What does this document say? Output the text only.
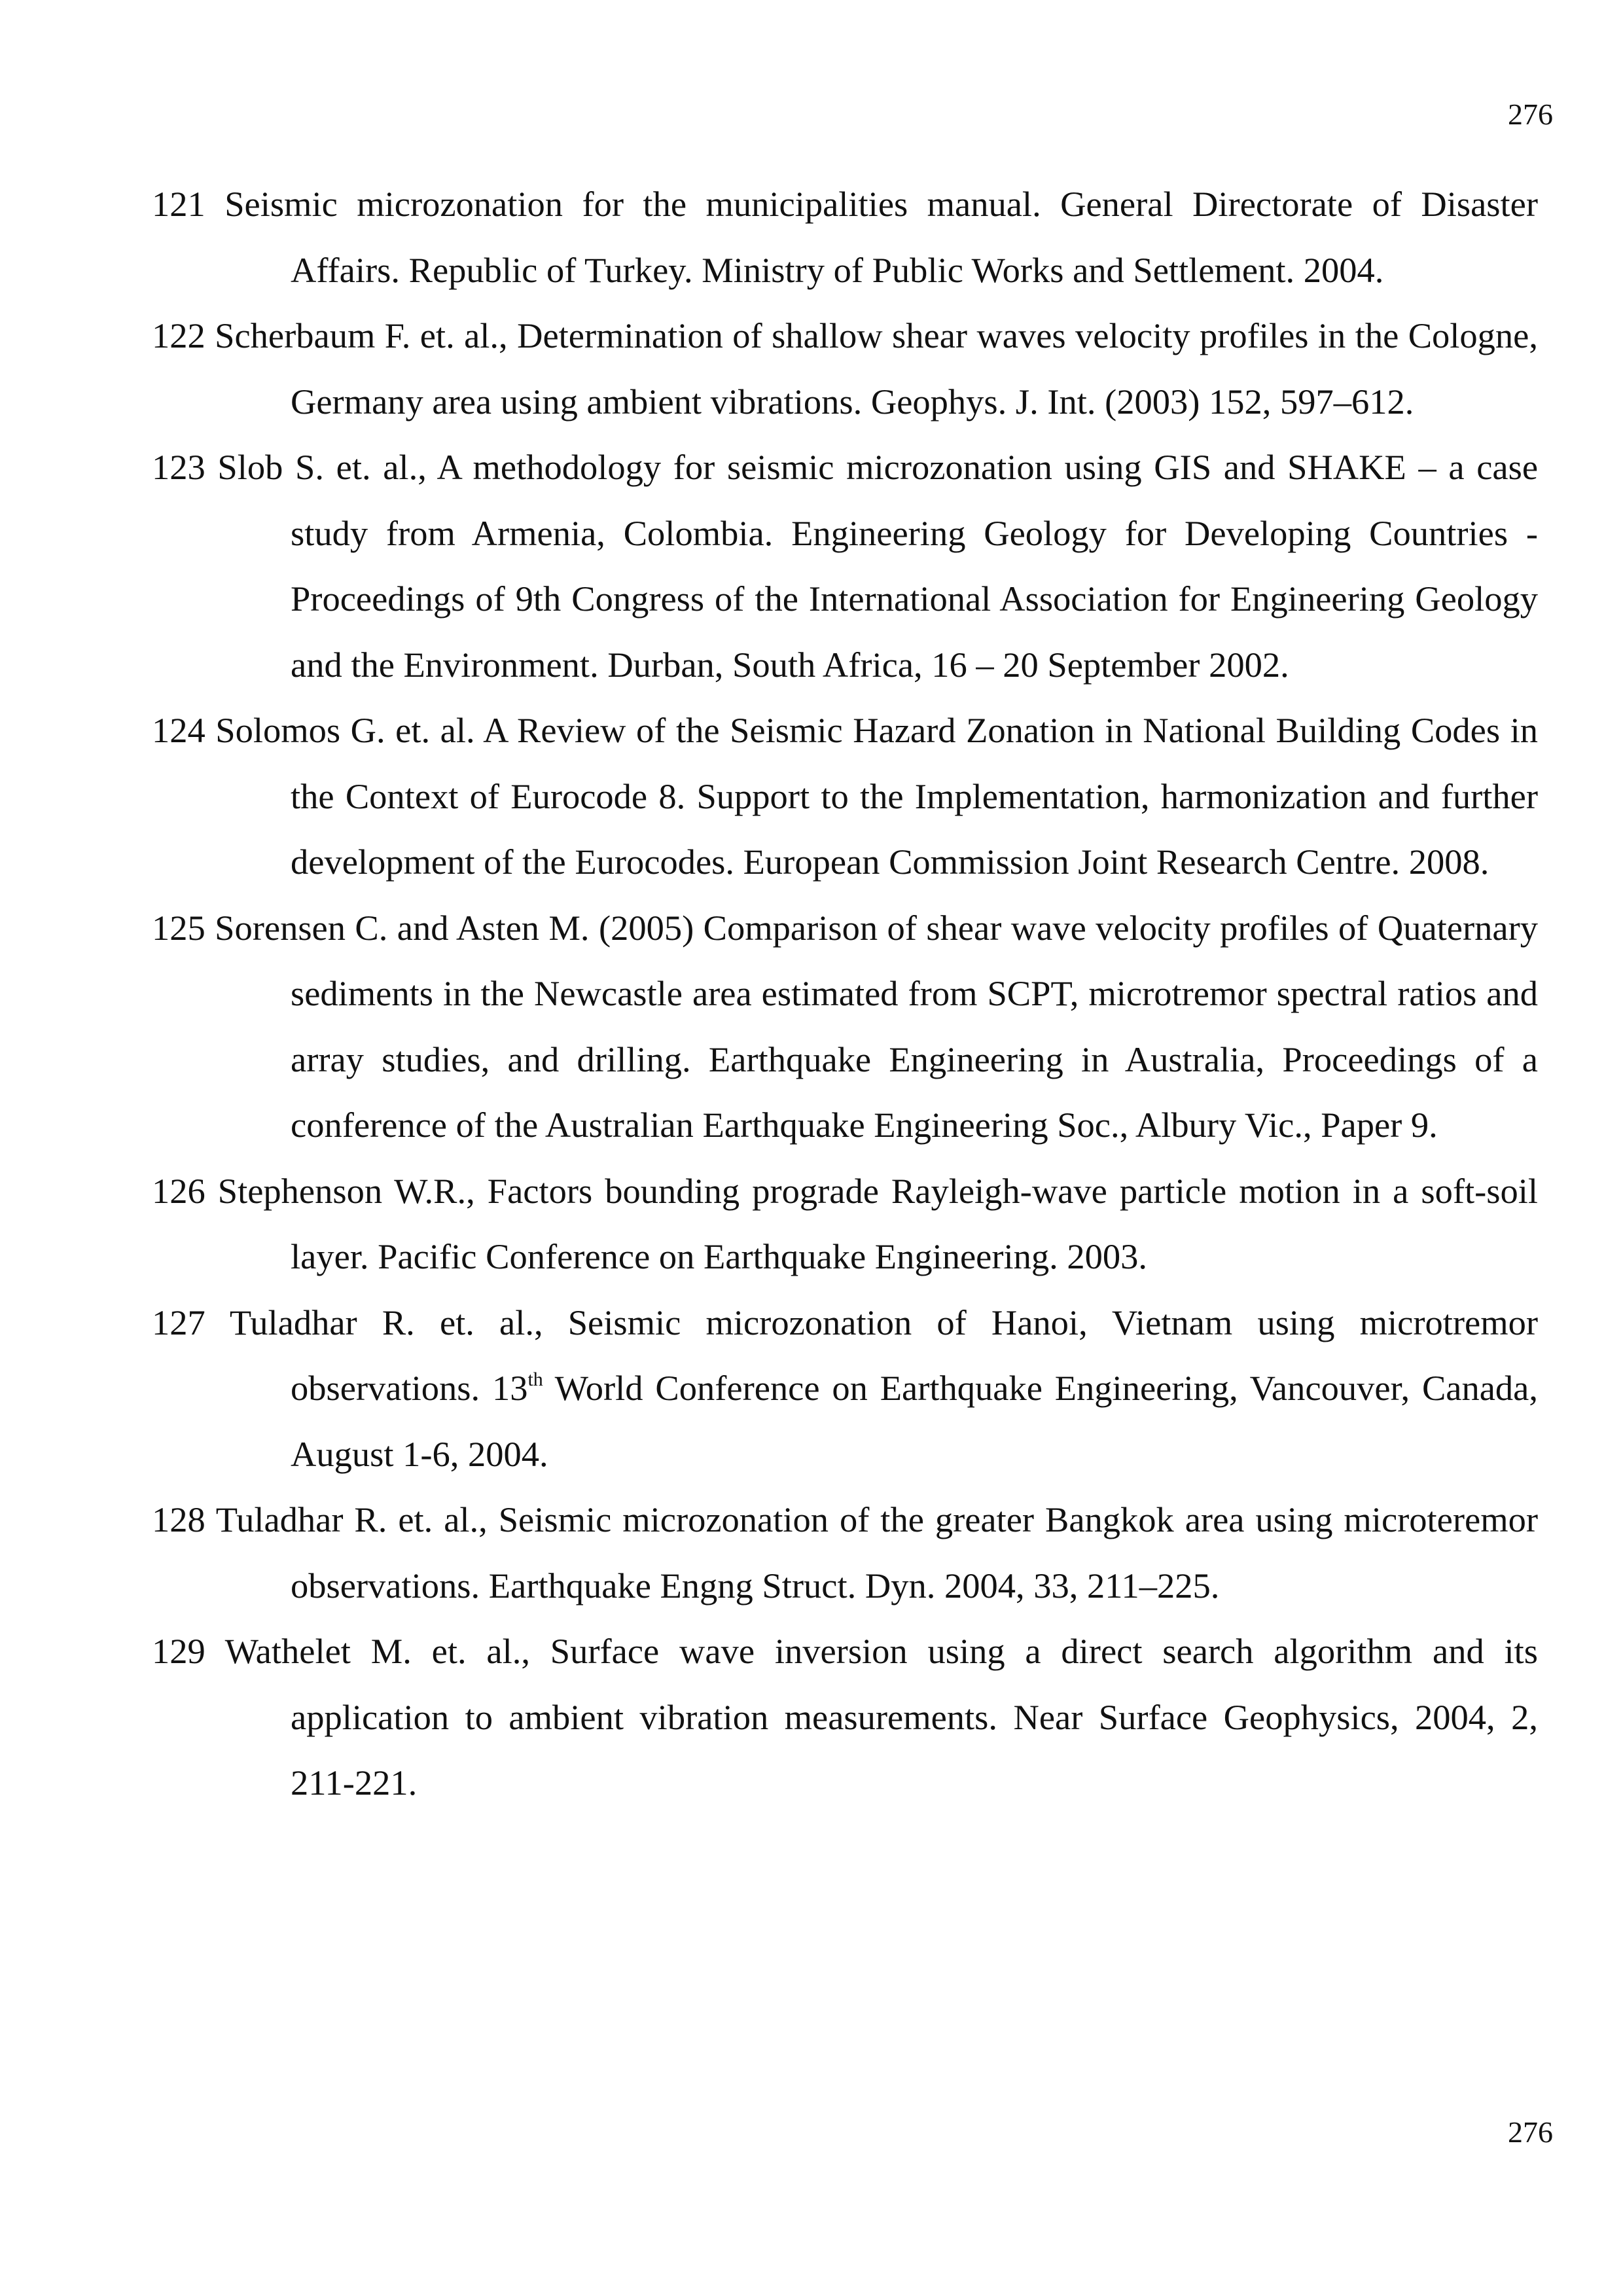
276
121 Seismic microzonation for the municipalities manual. General Directorate of Disaster Affairs. Republic of Turkey. Ministry of Public Works and Settlement. 2004.
122 Scherbaum F. et. al., Determination of shallow shear waves velocity profiles in the Cologne, Germany area using ambient vibrations. Geophys. J. Int. (2003) 152, 597–612.
123 Slob S. et. al., A methodology for seismic microzonation using GIS and SHAKE – a case study from Armenia, Colombia. Engineering Geology for Developing Countries - Proceedings of 9th Congress of the International Association for Engineering Geology and the Environment. Durban, South Africa, 16 – 20 September 2002.
124 Solomos G. et. al. A Review of the Seismic Hazard Zonation in National Building Codes in the Context of Eurocode 8. Support to the Implementation, harmonization and further development of the Eurocodes. European Commission Joint Research Centre. 2008.
125 Sorensen C. and Asten M. (2005) Comparison of shear wave velocity profiles of Quaternary sediments in the Newcastle area estimated from SCPT, microtremor spectral ratios and array studies, and drilling. Earthquake Engineering in Australia, Proceedings of a conference of the Australian Earthquake Engineering Soc., Albury Vic., Paper 9.
126 Stephenson W.R., Factors bounding prograde Rayleigh-wave particle motion in a soft-soil layer. Pacific Conference on Earthquake Engineering. 2003.
127 Tuladhar R. et. al., Seismic microzonation of Hanoi, Vietnam using microtremor observations. 13th World Conference on Earthquake Engineering, Vancouver, Canada, August 1-6, 2004.
128 Tuladhar R. et. al., Seismic microzonation of the greater Bangkok area using microteremor observations. Earthquake Engng Struct. Dyn. 2004, 33, 211–225.
129 Wathelet M. et. al., Surface wave inversion using a direct search algorithm and its application to ambient vibration measurements. Near Surface Geophysics, 2004, 2, 211-221.
276
